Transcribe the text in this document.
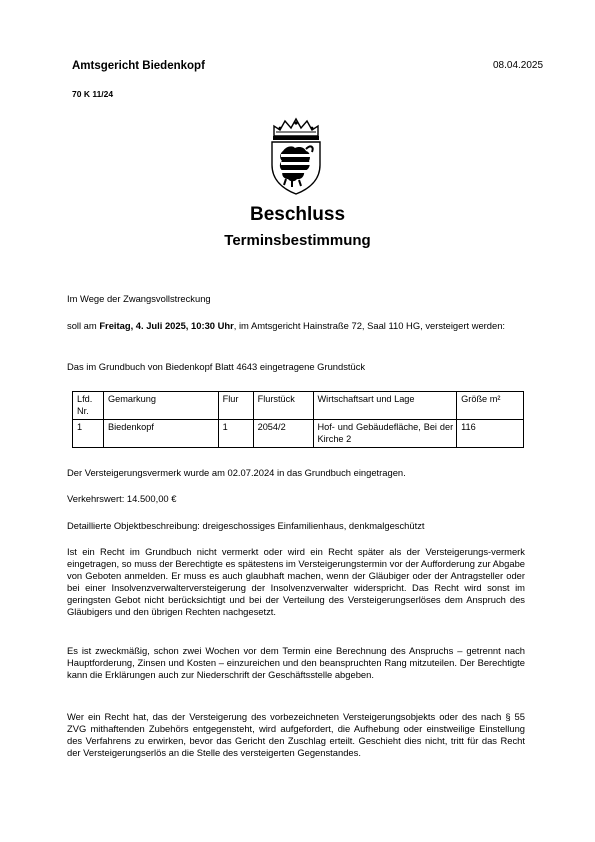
Amtsgericht Biedenkopf	08.04.2025
70 K 11/24
Beschluss
Terminsbestimmung

Im Wege der Zwangsvollstreckung

soll am Freitag, 4. Juli 2025, 10:30 Uhr, im Amtsgericht Hainstraße 72, Saal 110 HG, versteigert werden:

Das im Grundbuch von Biedenkopf Blatt 4643 eingetragene Grundstück

Lfd. Nr.	Gemarkung	Flur	Flurstück	Wirtschaftsart und Lage	Größe m²
1	Biedenkopf	1	2054/2	Hof- und Gebäudefläche, Bei der Kirche 2	116

Der Versteigerungsvermerk wurde am 02.07.2024 in das Grundbuch eingetragen.

Verkehrswert: 14.500,00 €

Detaillierte Objektbeschreibung: dreigeschossiges Einfamilienhaus, denkmalgeschützt

Ist ein Recht im Grundbuch nicht vermerkt oder wird ein Recht später als der Versteigerungs-vermerk eingetragen, so muss der Berechtigte es spätestens im Versteigerungstermin vor der Aufforderung zur Abgabe von Geboten anmelden. Er muss es auch glaubhaft machen, wenn der Gläubiger oder der Antragsteller oder bei einer Insolvenzverwalterversteigerung der Insolvenzverwalter widerspricht. Das Recht wird sonst im geringsten Gebot nicht berücksichtigt und bei der Verteilung des Versteigerungserlöses dem Anspruch des Gläubigers und den übrigen Rechten nachgesetzt.

Es ist zweckmäßig, schon zwei Wochen vor dem Termin eine Berechnung des Anspruchs – getrennt nach Hauptforderung, Zinsen und Kosten – einzureichen und den beanspruchten Rang mitzuteilen. Der Berechtigte kann die Erklärungen auch zur Niederschrift der Geschäftsstelle abgeben.

Wer ein Recht hat, das der Versteigerung des vorbezeichneten Versteigerungsobjekts oder des nach § 55 ZVG mithaftenden Zubehörs entgegensteht, wird aufgefordert, die Aufhebung oder einstweilige Einstellung des Verfahrens zu erwirken, bevor das Gericht den Zuschlag erteilt. Geschieht dies nicht, tritt für das Recht der Versteigerungserlös an die Stelle des versteigerten Gegenstandes.
